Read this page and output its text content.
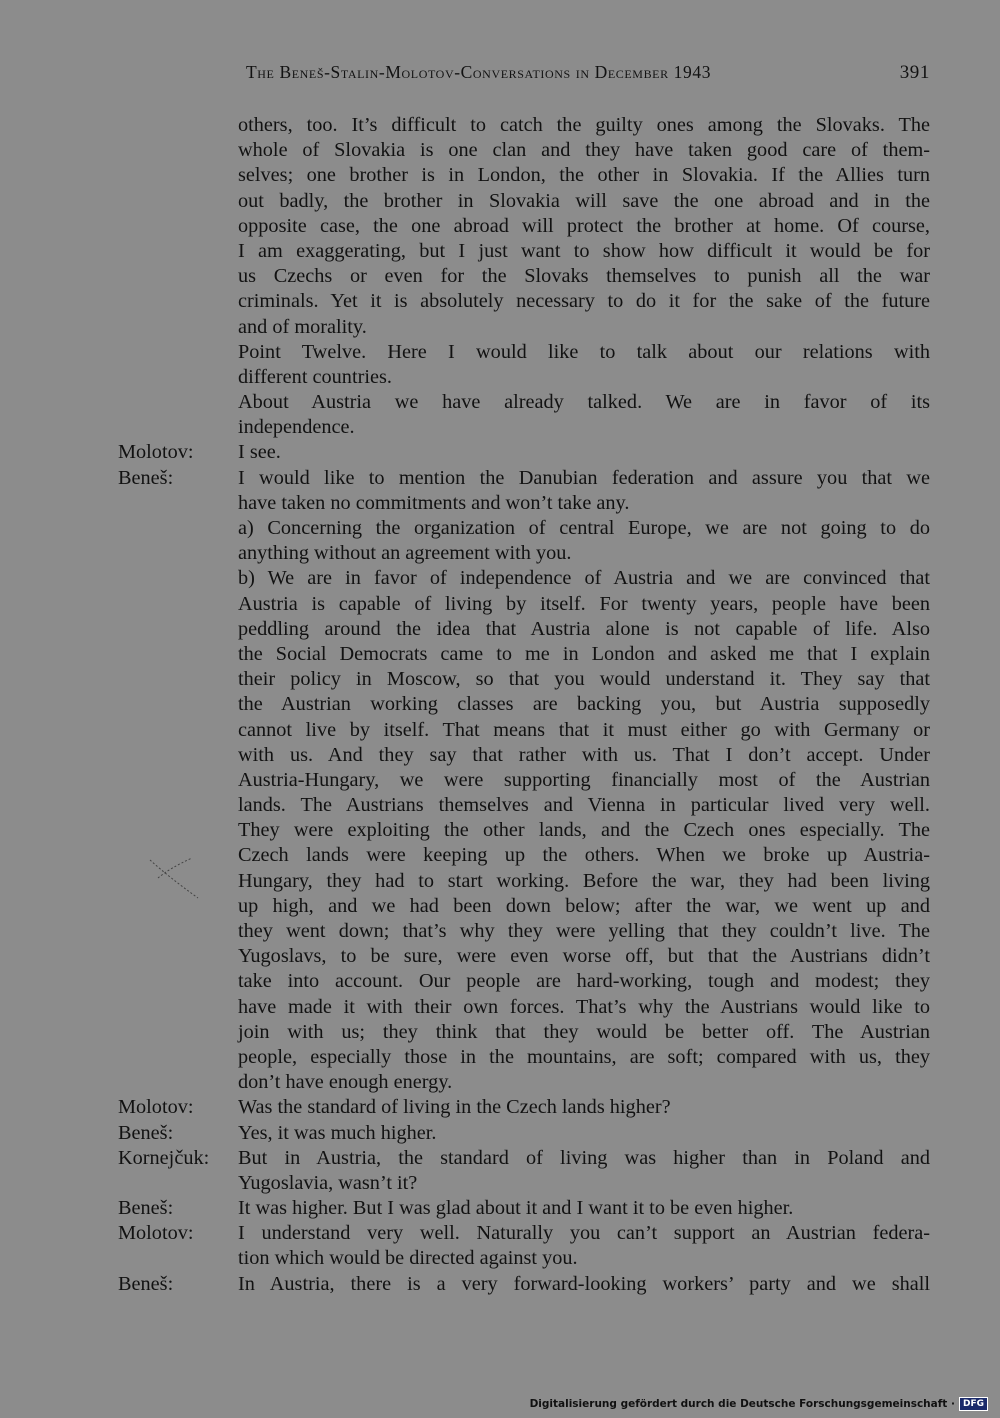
The Beneš-Stalin-Molotov-Conversations in December 1943	391
others, too. It’s difficult to catch the guilty ones among the Slovaks. The
whole of Slovakia is one clan and they have taken good care of them-
selves; one brother is in London, the other in Slovakia. If the Allies turn
out badly, the brother in Slovakia will save the one abroad and in the
opposite case, the one abroad will protect the brother at home. Of course,
I am exaggerating, but I just want to show how difficult it would be for
us Czechs or even for the Slovaks themselves to punish all the war
criminals. Yet it is absolutely necessary to do it for the sake of the future
and of morality.
Point Twelve. Here I would like to talk about our relations with
different countries.
About Austria we have already talked. We are in favor of its
independence.
Molotov: I see.
Beneš:	I would like to mention the Danubian federation and assure you that we
have taken no commitments and won’t take any.
a) Concerning the organization of central Europe, we are not going to do
anything without an agreement with you.
b) We are in favor of independence of Austria and we are convinced that
Austria is capable of living by itself. For twenty years, people have been
peddling around the idea that Austria alone is not capable of life. Also
the Social Democrats came to me in London and asked me that I explain
their policy in Moscow, so that you would understand it. They say that
the Austrian working classes are backing you, but Austria supposedly
cannot live by itself. That means that it must either go with Germany or
with us. And they say that rather with us. That I don’t accept. Under
Austria-Hungary, we were supporting financially most of the Austrian
lands. The Austrians themselves and Vienna in particular lived very well.
They were exploiting the other lands, and the Czech ones especially. The
Czech lands were keeping up the others. When we broke up Austria-
Hungary, they had to start working. Before the war, they had been living
up high, and we had been down below; after the war, we went up and
they went down; that’s why they were yelling that they couldn’t live. The
Yugoslavs, to be sure, were even worse off, but that the Austrians didn’t
take into account. Our people are hard-working, tough and modest; they
have made it with their own forces. That’s why the Austrians would like to
join with us; they think that they would be better off. The Austrian
people, especially those in the mountains, are soft; compared with us, they
don’t have enough energy.
Molotov: Was the standard of living in the Czech lands higher?
Beneš:	Yes, it was much higher.
Kornejčuk: But in Austria, the standard of living was higher than in Poland and
Yugoslavia, wasn’t it?
Beneš:	It was higher. But I was glad about it and I want it to be even higher.
Molotov: I understand very well. Naturally you can’t support an Austrian federa-
tion which would be directed against you.
Beneš:	In Austria, there is a very forward-looking workers’ party and we shall
Digitalisierung gefördert durch die Deutsche Forschungsgemeinschaft · DFG
